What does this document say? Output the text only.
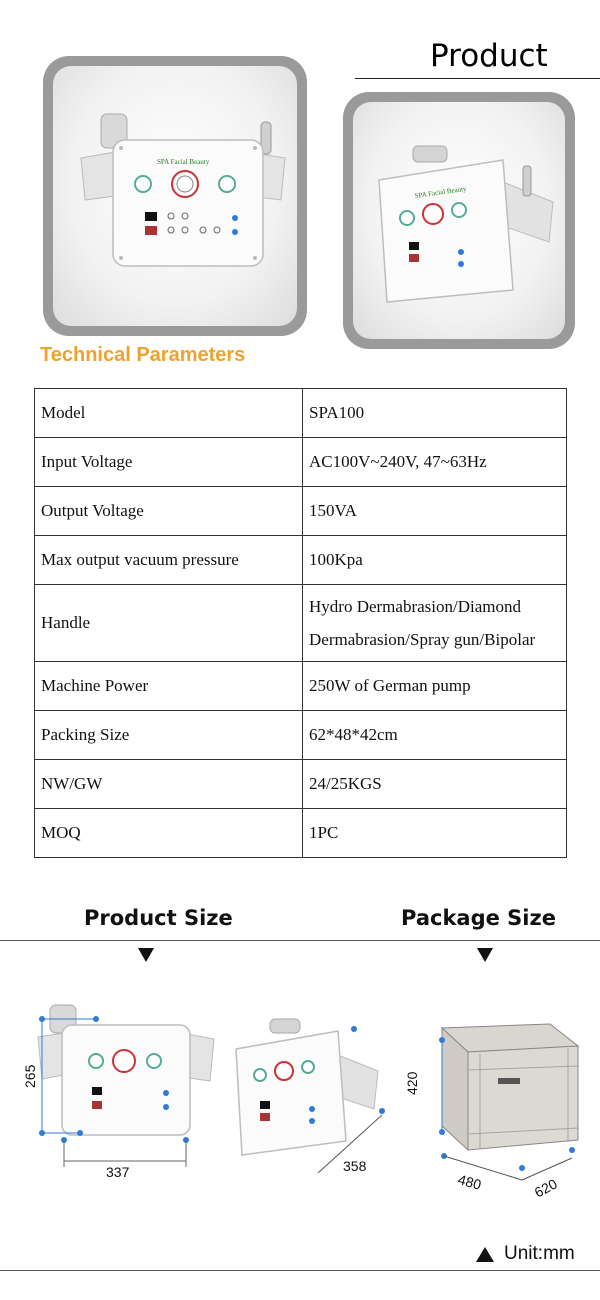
Product
SPA Facial Beauty
SPA Facial Beauty
Technical Parameters
Model	SPA100
Input Voltage	AC100V~240V, 47~63Hz
Output Voltage	150VA
Max output vacuum pressure	100Kpa
Handle	Hydro Dermabrasion/Diamond
Dermabrasion/Spray gun/Bipolar

Machine Power	250W of German pump
Packing Size	62*48*42cm
NW/GW	24/25KGS
MOQ	1PC
Product Size	Package Size
265
337	358
420
480	620
Unit:mm
